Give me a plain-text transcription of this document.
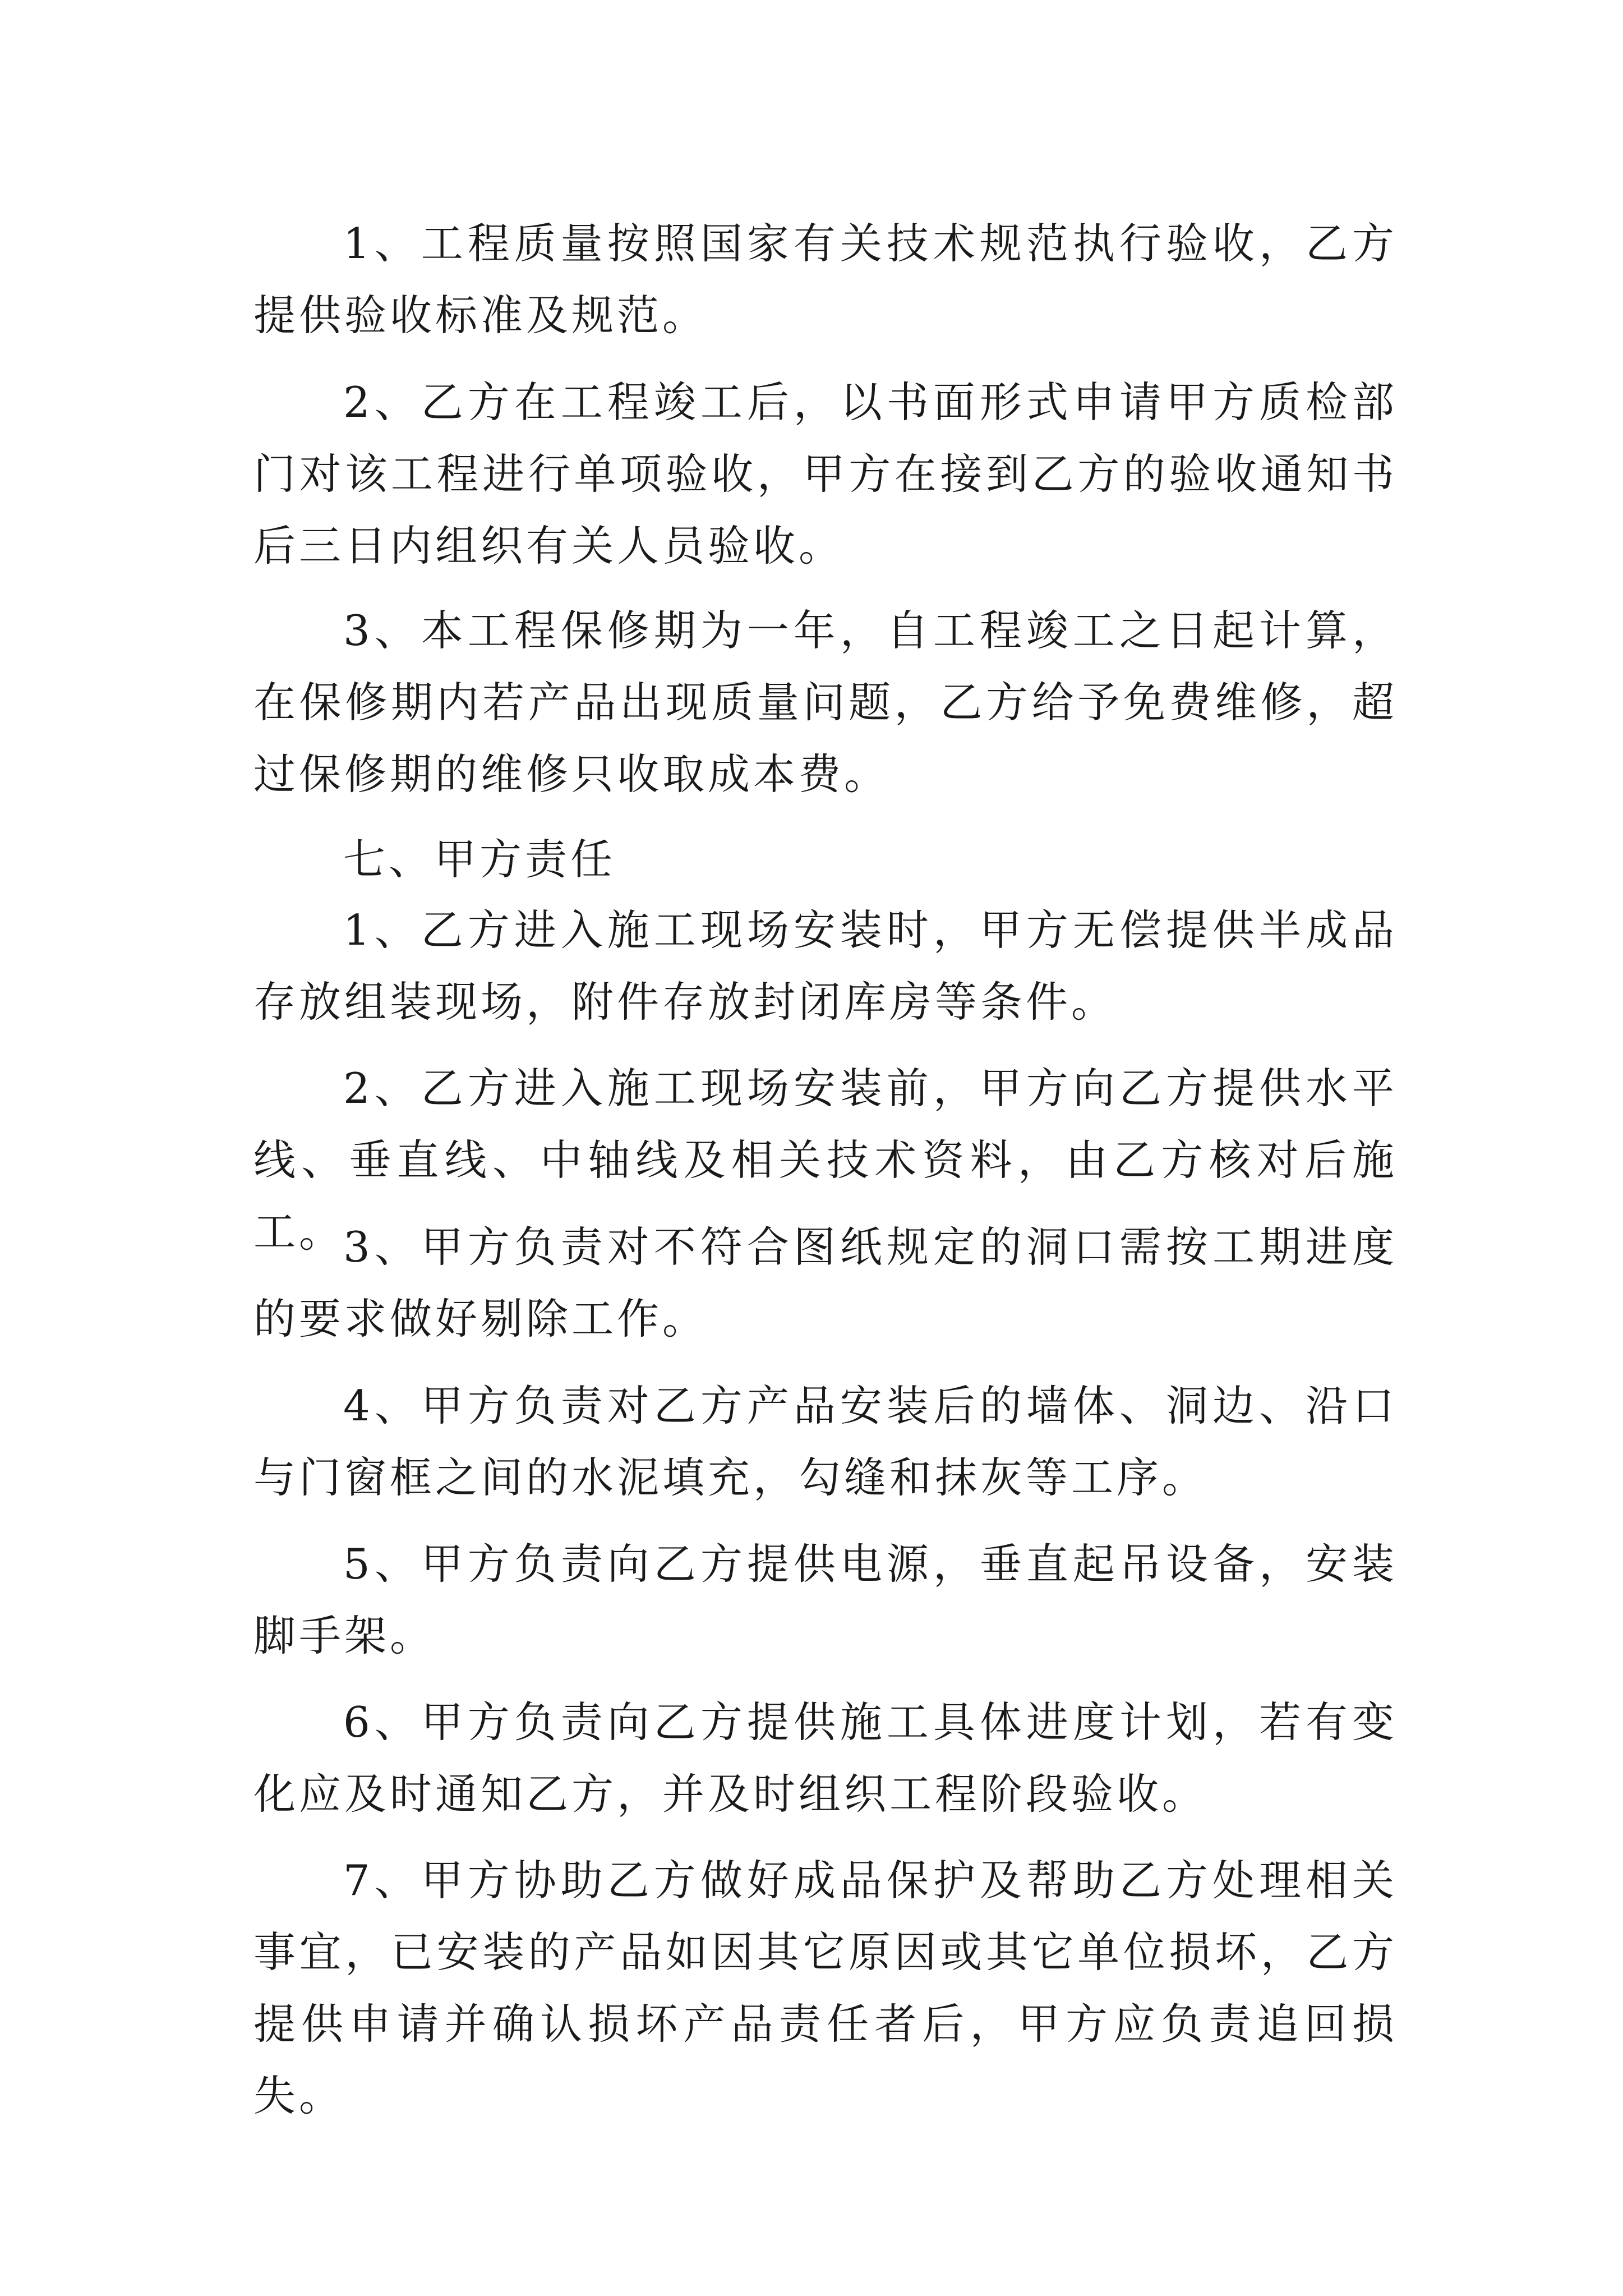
1、工程质量按照国家有关技术规范执行验收，乙方提供验收标准及规范。

2、乙方在工程竣工后，以书面形式申请甲方质检部门对该工程进行单项验收，甲方在接到乙方的验收通知书后三日内组织有关人员验收。

3、本工程保修期为一年，自工程竣工之日起计算，在保修期内若产品出现质量问题，乙方给予免费维修，超过保修期的维修只收取成本费。

七、甲方责任

1、乙方进入施工现场安装时，甲方无偿提供半成品存放组装现场，附件存放封闭库房等条件。

2、乙方进入施工现场安装前，甲方向乙方提供水平线、垂直线、中轴线及相关技术资料，由乙方核对后施工。

3、甲方负责对不符合图纸规定的洞口需按工期进度的要求做好剔除工作。

4、甲方负责对乙方产品安装后的墙体、洞边、沿口与门窗框之间的水泥填充，勾缝和抹灰等工序。

5、甲方负责向乙方提供电源，垂直起吊设备，安装脚手架。

6、甲方负责向乙方提供施工具体进度计划，若有变化应及时通知乙方，并及时组织工程阶段验收。

7、甲方协助乙方做好成品保护及帮助乙方处理相关事宜，已安装的产品如因其它原因或其它单位损坏，乙方提供申请并确认损坏产品责任者后，甲方应负责追回损失。
